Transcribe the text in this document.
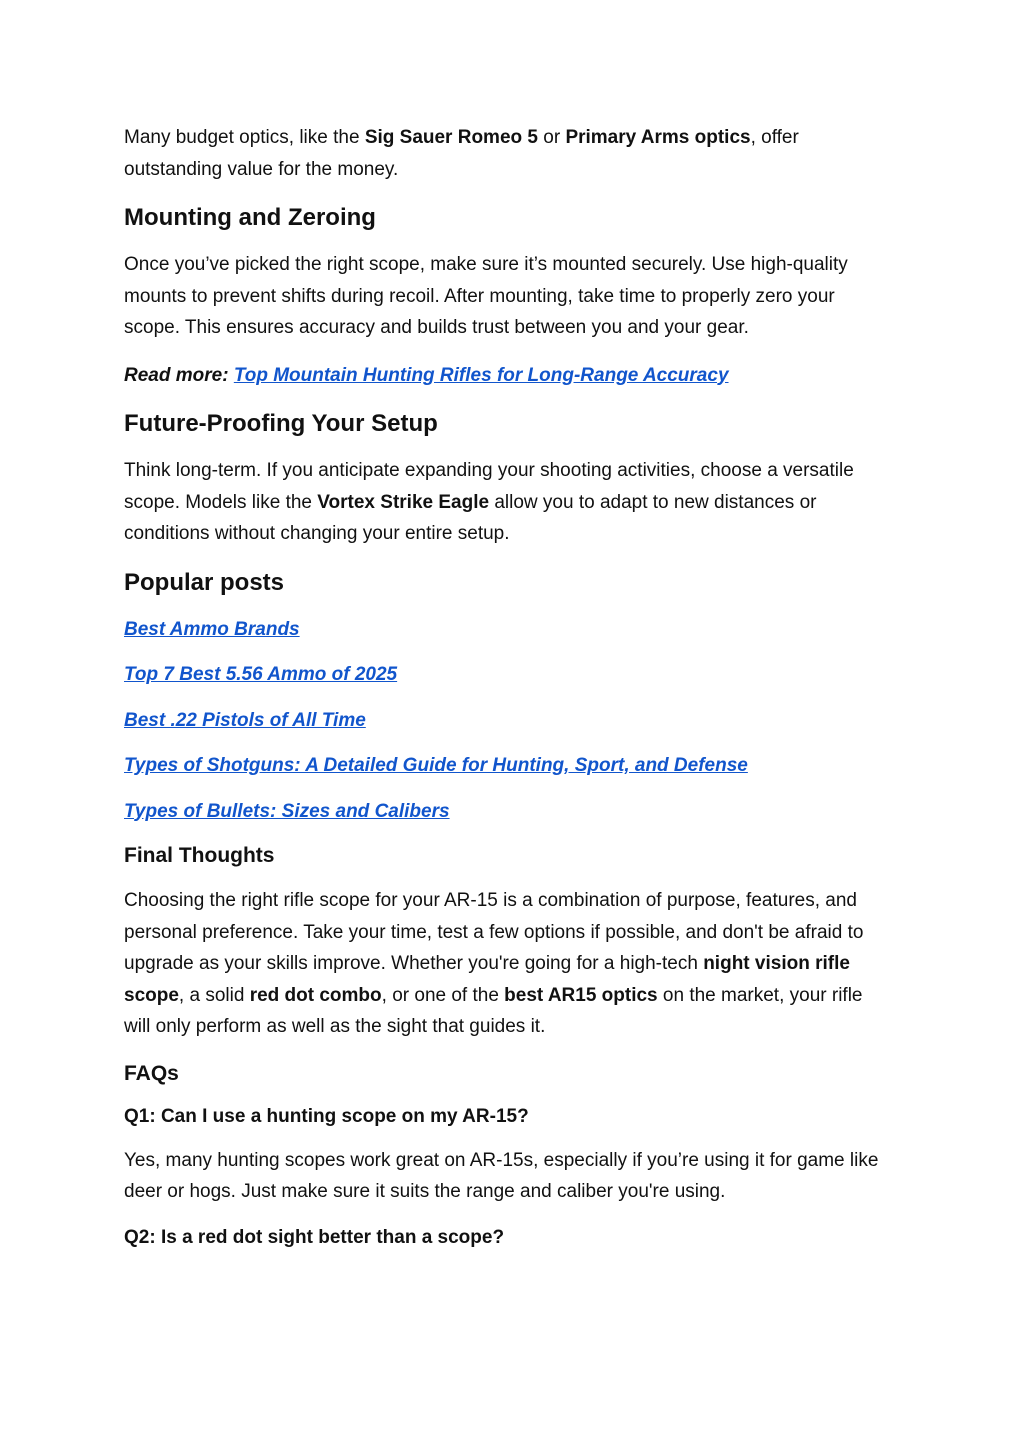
Many budget optics, like the Sig Sauer Romeo 5 or Primary Arms optics, offer outstanding value for the money.

Mounting and Zeroing

Once you’ve picked the right scope, make sure it’s mounted securely. Use high-quality mounts to prevent shifts during recoil. After mounting, take time to properly zero your scope. This ensures accuracy and builds trust between you and your gear.

Read more: Top Mountain Hunting Rifles for Long-Range Accuracy

Future-Proofing Your Setup

Think long-term. If you anticipate expanding your shooting activities, choose a versatile scope. Models like the Vortex Strike Eagle allow you to adapt to new distances or conditions without changing your entire setup.

Popular posts

Best Ammo Brands

Top 7 Best 5.56 Ammo of 2025

Best .22 Pistols of All Time

Types of Shotguns: A Detailed Guide for Hunting, Sport, and Defense

Types of Bullets: Sizes and Calibers

Final Thoughts

Choosing the right rifle scope for your AR-15 is a combination of purpose, features, and personal preference. Take your time, test a few options if possible, and don't be afraid to upgrade as your skills improve. Whether you're going for a high-tech night vision rifle scope, a solid red dot combo, or one of the best AR15 optics on the market, your rifle will only perform as well as the sight that guides it.

FAQs
Q1: Can I use a hunting scope on my AR-15?

Yes, many hunting scopes work great on AR-15s, especially if you’re using it for game like deer or hogs. Just make sure it suits the range and caliber you're using.

Q2: Is a red dot sight better than a scope?
